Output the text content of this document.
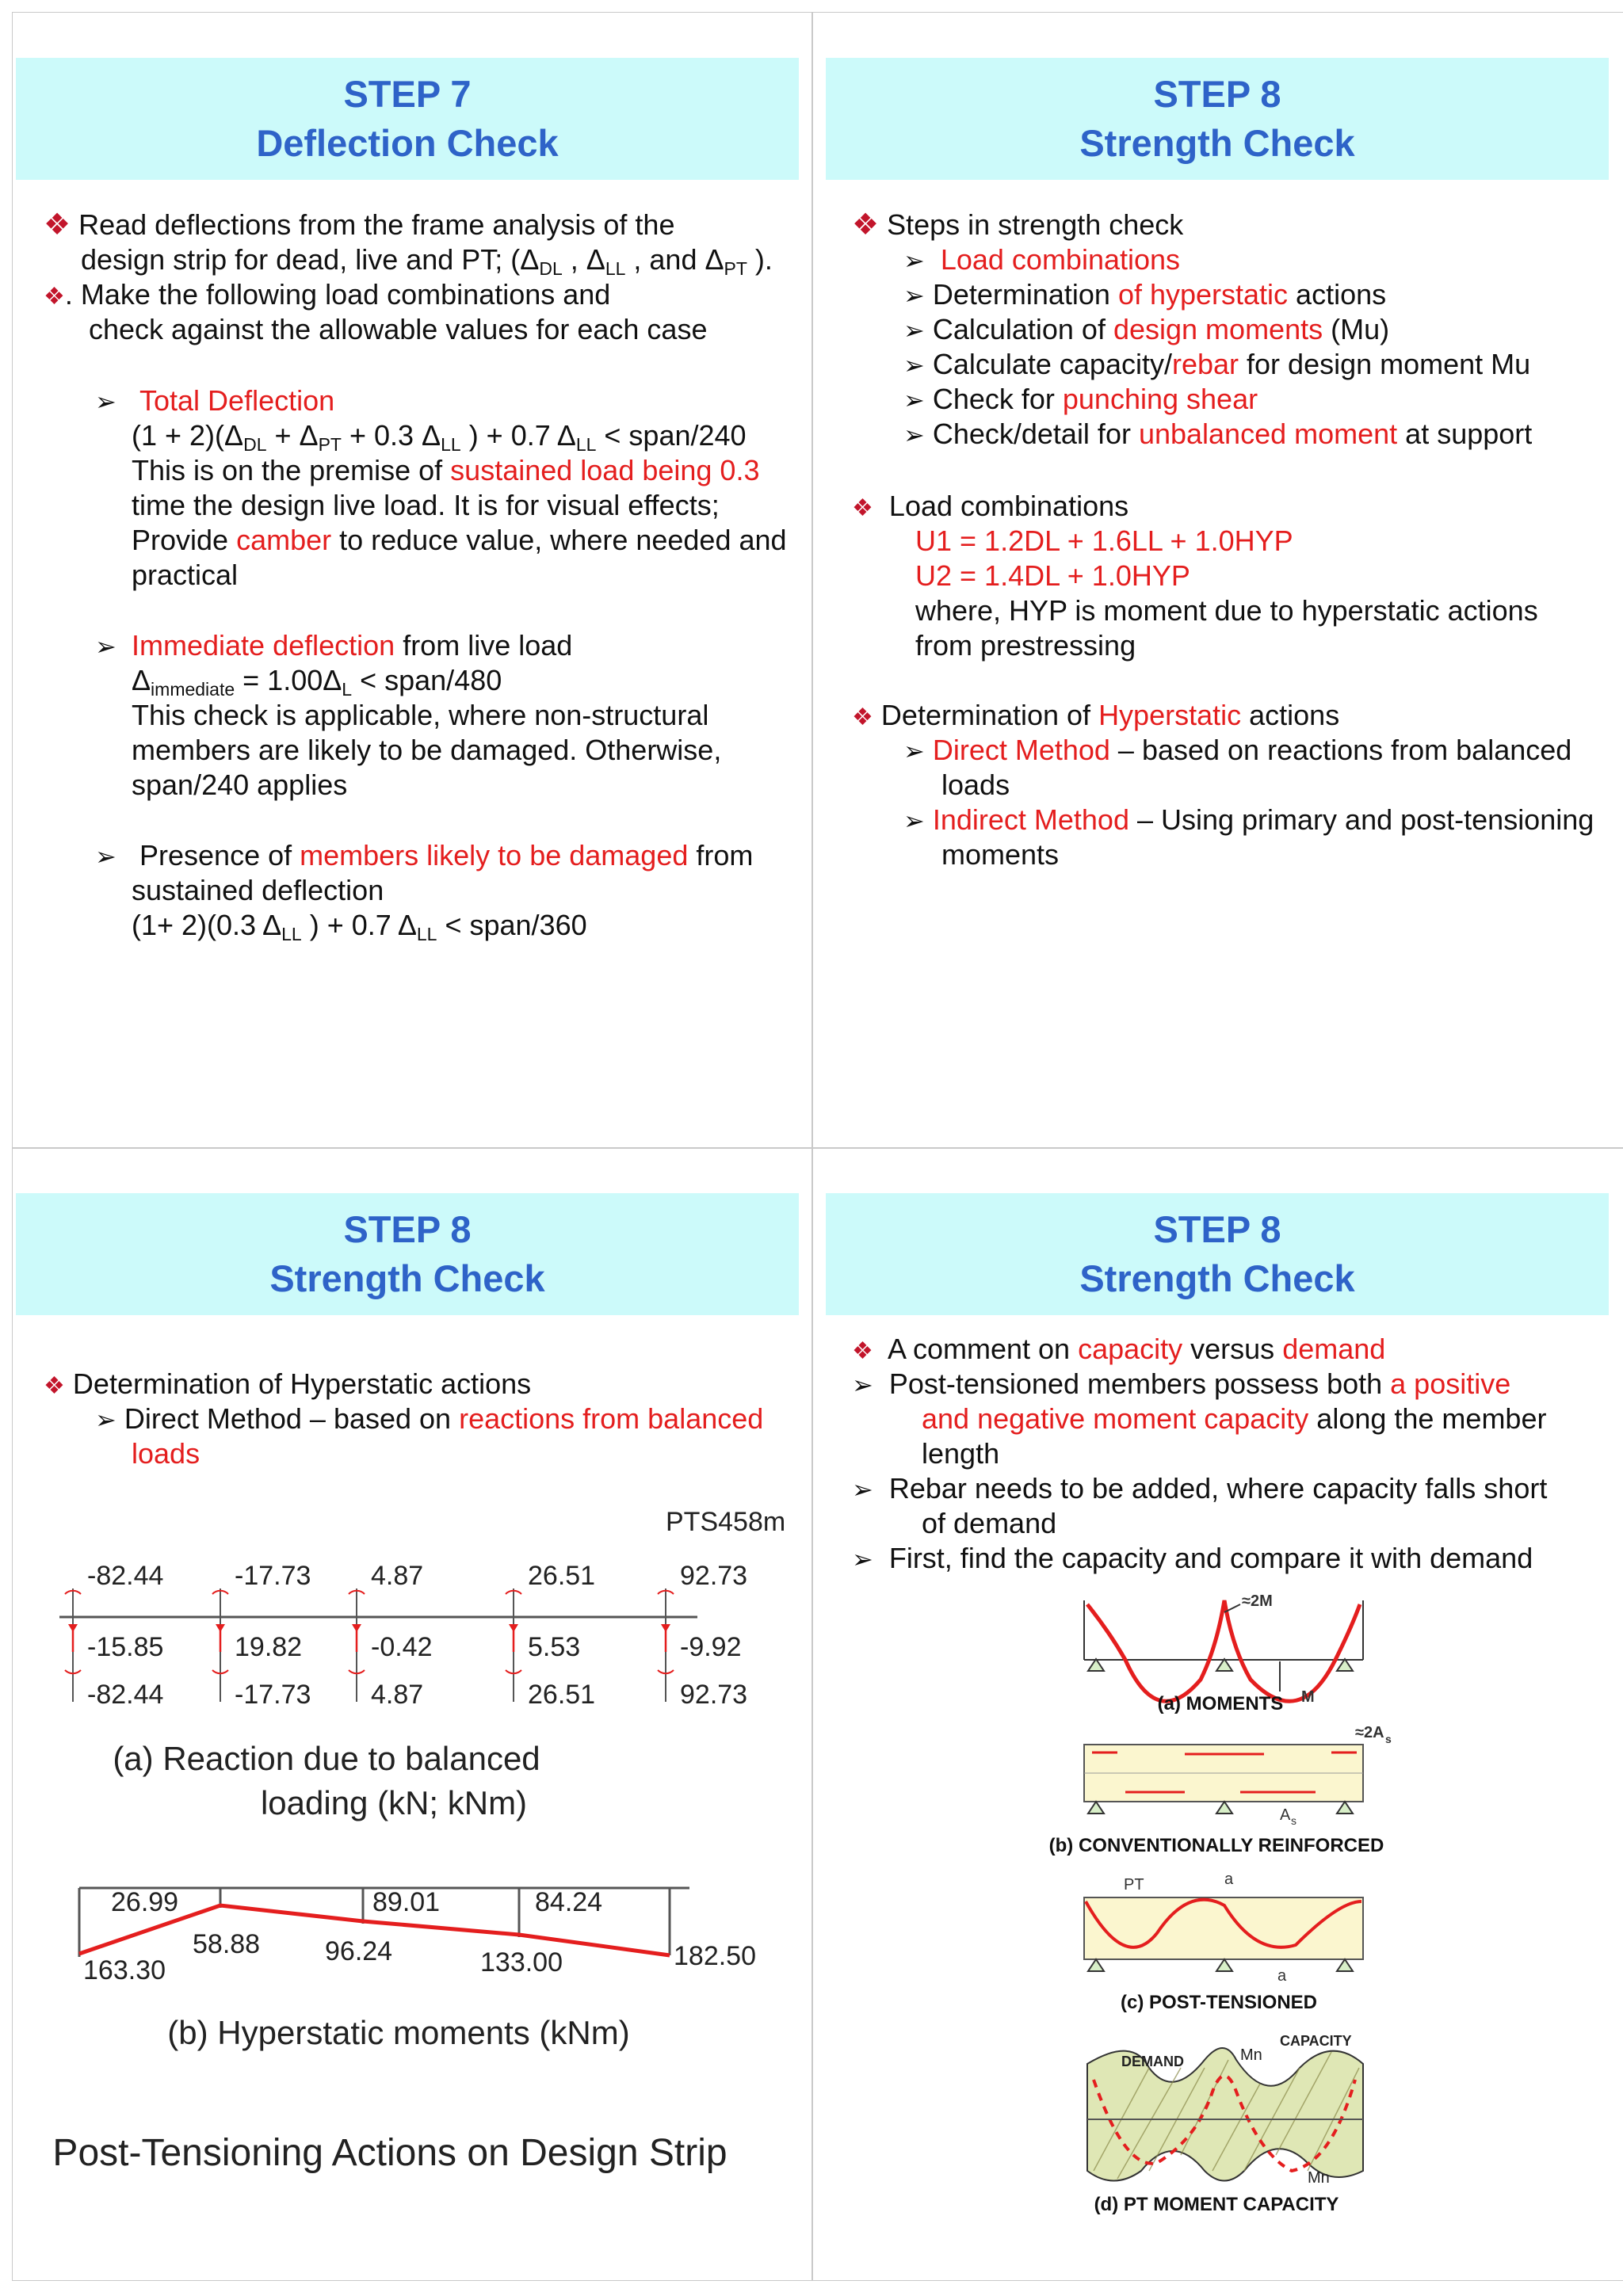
STEP 7
Deflection Check
❖ Read deflections from the frame analysis of the
design strip for dead, live and PT; ($\Delta_{DL}$ , $\Delta_{LL}$ , and $\Delta_{PT}$ ).
❖. Make the following load combinations and
check against the allowable values for each case
➢ Total Deflection
$(1 + 2)(\Delta_{DL} + \Delta_{PT} + 0.3$ $\Delta_{LL}$ ) + 0.7 $\Delta_{LL}$ < span/240
This is on the premise of sustained load being 0.3
time the design live load. It is for visual effects;
Provide camber to reduce value, where needed and
practical
➢ Immediate deflection from live load
$\Delta_{immediate} = 1.00\Delta_L$ < span/480
This check is applicable, where non-structural
members are likely to be damaged. Otherwise,
span/240 applies
➢ Presence of members likely to be damaged from
sustained deflection
(1+ 2)(0.3 $\Delta_{LL}$ ) + 0.7 $\Delta_{LL}$ < span/360
STEP 8
Strength Check
❖ Steps in strength check
➢ Load combinations
➢ Determination of hyperstatic actions
➢ Calculation of design moments (Mu)
➢ Calculate capacity/rebar for design moment Mu
➢ Check for punching shear
➢ Check/detail for unbalanced moment at support
❖ Load combinations
U1 = 1.2DL + 1.6LL + 1.0HYP
U2 = 1.4DL + 1.0HYP
where, HYP is moment due to hyperstatic actions
from prestressing
❖ Determination of Hyperstatic actions
➢ Direct Method – based on reactions from balanced
loads
➢ Indirect Method – Using primary and post-tensioning
moments
STEP 8
Strength Check
❖ Determination of Hyperstatic actions
➢ Direct Method – based on reactions from balanced
loads
PTS458m
-82.44	-17.73 4.87	26.51	92.73
-15.85	19.82	-0.42	5.53	-9.92
-82.44	-17.73 4.87	26.51	92.73
(a) Reaction due to balanced
loading (kN; kNm)
26.99	89.01	84.24
163.30
58.88 96.24	133.00	182.50
(b) Hyperstatic moments (kNm)
Post-Tensioning Actions on Design Strip
STEP 8
Strength Check
❖ A comment on capacity versus demand
➢ Post-tensioned members possess both a positive
and negative moment capacity along the member
length
➢ Rebar needs to be added, where capacity falls short
of demand
➢ First, find the capacity and compare it with demand
≈2M
M
(a) MOMENTS
≈2A s
A s
(b) CONVENTIONALLY REINFORCED
PT	a
a
(c) POST-TENSIONED
DEMAND	Mn
CAPACITY
Mn
(d) PT MOMENT CAPACITY
